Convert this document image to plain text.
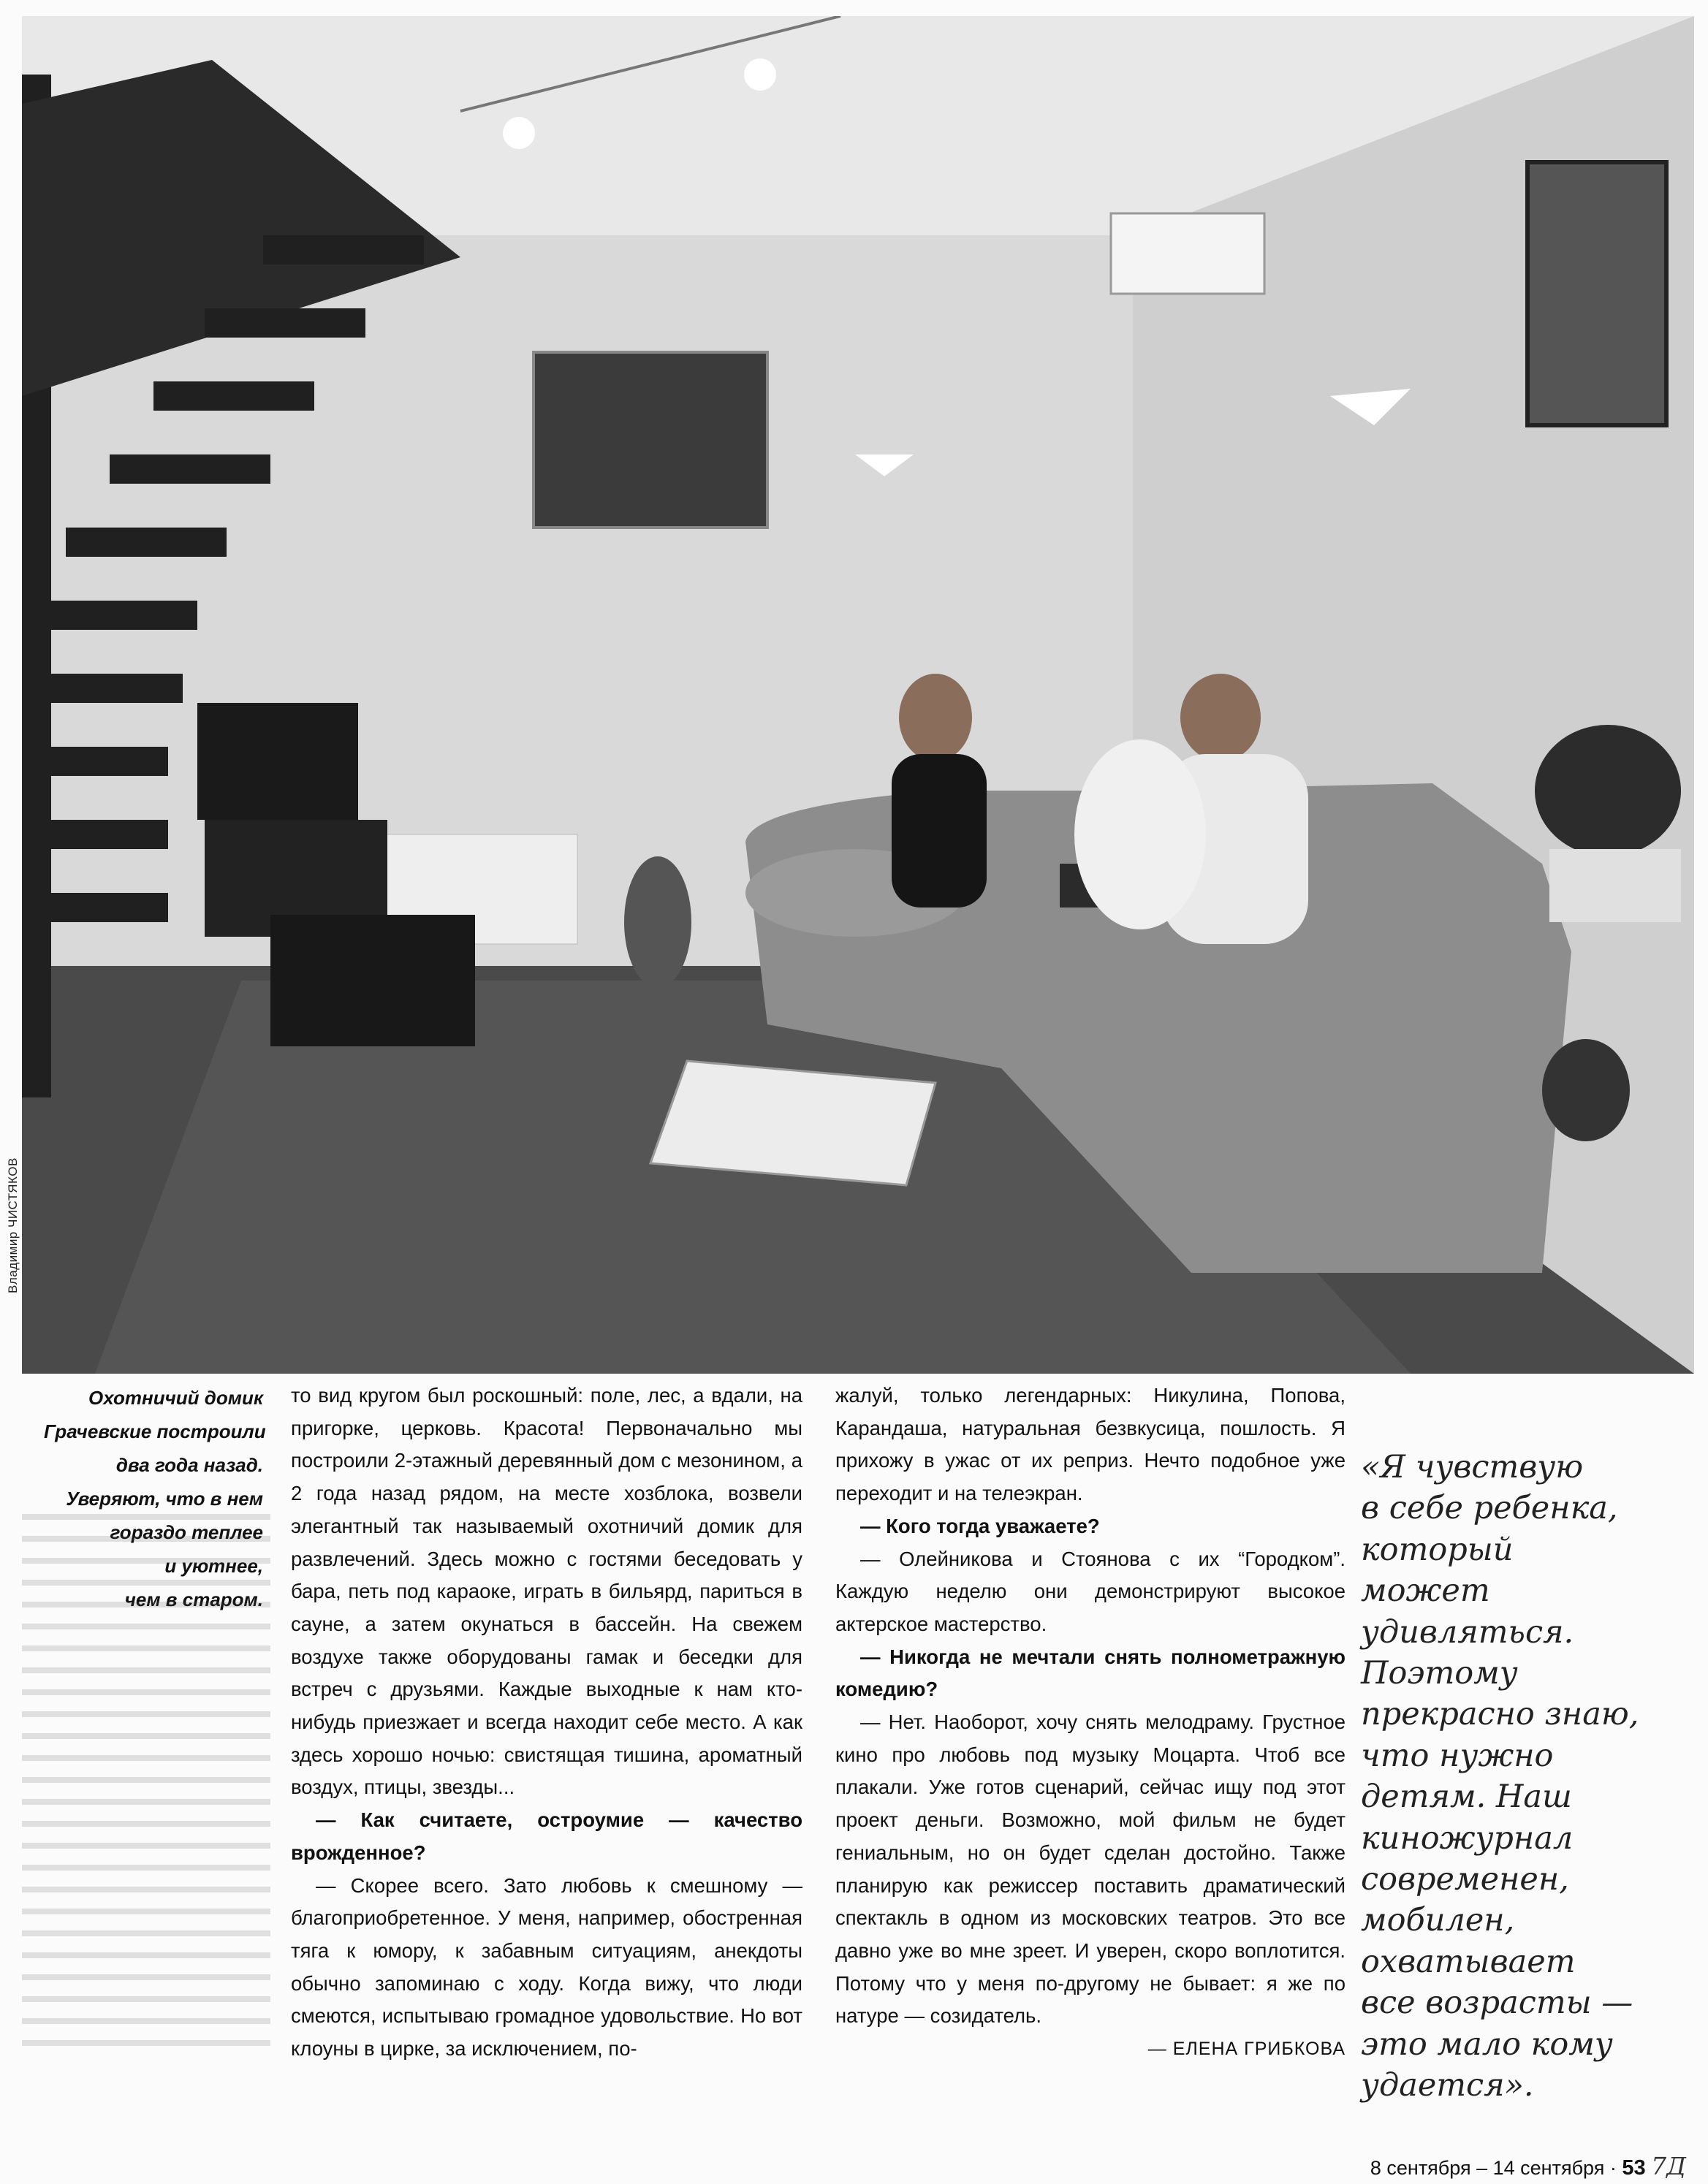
Владимир ЧИСТЯКОВ
Охотничий домик
Грачевские построили
два года назад.
Уверяют, что в нем
гораздо теплее
и уютнее,
чем в старом.

то вид кругом был роскошный: поле, лес, а вдали, на пригорке, церковь. Красота! Первоначально мы построили 2-этажный деревянный дом с мезонином, а 2 года назад рядом, на месте хозблока, возвели элегантный так называемый охотничий домик для развлечений. Здесь можно с гостями беседовать у бара, петь под караоке, играть в бильярд, париться в сауне, а затем окунаться в бассейн. На свежем воздухе также оборудованы гамак и беседки для встреч с друзьями. Каждые выходные к нам кто-нибудь приезжает и всегда находит себе место. А как здесь хорошо ночью: свистящая тишина, ароматный воздух, птицы, звезды...

— Как считаете, остроумие — качество врожденное?

— Скорее всего. Зато любовь к смешному — благоприобретенное. У меня, например, обостренная тяга к юмору, к забавным ситуациям, анекдоты обычно запоминаю с ходу. Когда вижу, что люди смеются, испытываю громадное удовольствие. Но вот клоуны в цирке, за исключением, по-

жалуй, только легендарных: Никулина, Попова, Карандаша, натуральная безвкусица, пошлость. Я прихожу в ужас от их реприз. Нечто подобное уже переходит и на телеэкран.

— Кого тогда уважаете?

— Олейникова и Стоянова с их “Городком”. Каждую неделю они демонстрируют высокое актерское мастерство.

— Никогда не мечтали снять полнометражную комедию?

— Нет. Наоборот, хочу снять мелодраму. Грустное кино про любовь под музыку Моцарта. Чтоб все плакали. Уже готов сценарий, сейчас ищу под этот проект деньги. Возможно, мой фильм не будет гениальным, но он будет сделан достойно. Также планирую как режиссер поставить драматический спектакль в одном из московских театров. Это все давно уже во мне зреет. И уверен, скоро воплотится. Потому что у меня по-другому не бывает: я же по натуре — созидатель.

— ЕЛЕНА ГРИБКОВА
«Я чувствую
в себе ребенка,
который
может
удивляться.
Поэтому
прекрасно знаю,
что нужно
детям. Наш
киножурнал
современен,
мобилен,
охватывает
все возрасты —
это мало кому
удается».
8 сентября – 14 сентября · 53 7Д
